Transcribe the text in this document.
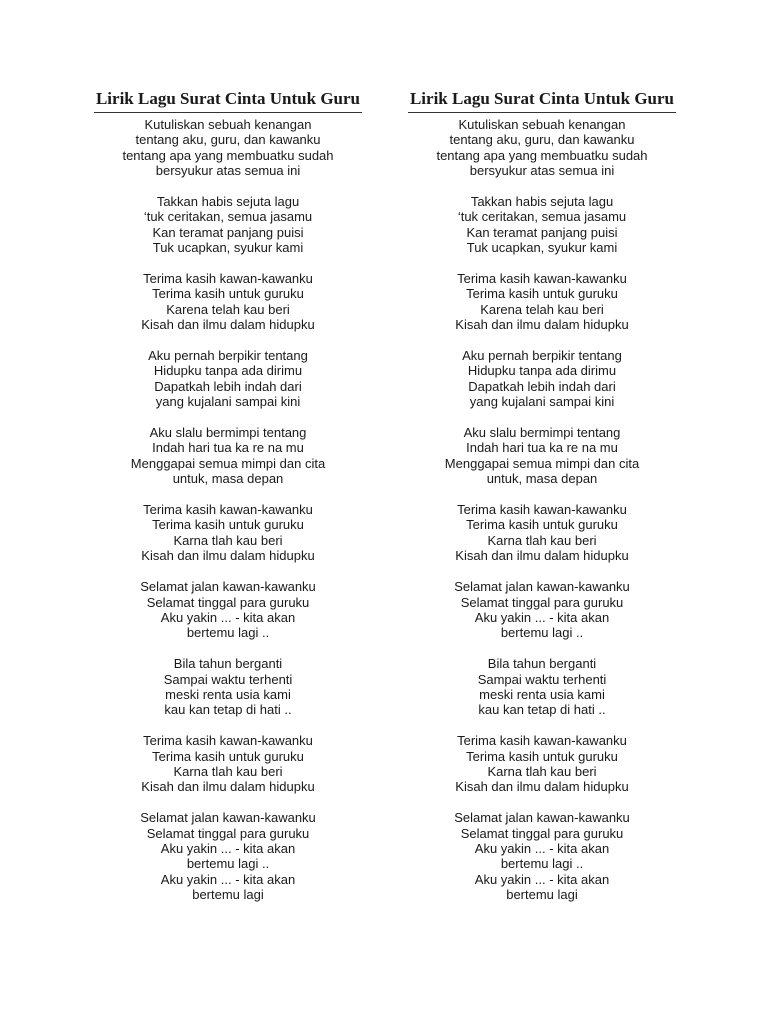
Lirik Lagu Surat Cinta Untuk Guru
Kutuliskan sebuah kenangan
tentang aku, guru, dan kawanku
tentang apa yang membuatku sudah
bersyukur atas semua ini
Takkan habis sejuta lagu
‘tuk ceritakan, semua jasamu
Kan teramat panjang puisi
Tuk ucapkan, syukur kami
Terima kasih kawan-kawanku
Terima kasih untuk guruku
Karena telah kau beri
Kisah dan ilmu dalam hidupku
Aku pernah berpikir tentang
Hidupku tanpa ada dirimu
Dapatkah lebih indah dari
yang kujalani sampai kini
Aku slalu bermimpi tentang
Indah hari tua ka re na mu
Menggapai semua mimpi dan cita
untuk, masa depan
Terima kasih kawan-kawanku
Terima kasih untuk guruku
Karna tlah kau beri
Kisah dan ilmu dalam hidupku
Selamat jalan kawan-kawanku
Selamat tinggal para guruku
Aku yakin ... - kita akan
bertemu lagi ..
Bila tahun berganti
Sampai waktu terhenti
meski renta usia kami
kau kan tetap di hati ..
Terima kasih kawan-kawanku
Terima kasih untuk guruku
Karna tlah kau beri
Kisah dan ilmu dalam hidupku
Selamat jalan kawan-kawanku
Selamat tinggal para guruku
Aku yakin ... - kita akan
bertemu lagi ..
Aku yakin ... - kita akan
bertemu lagi
Lirik Lagu Surat Cinta Untuk Guru
Kutuliskan sebuah kenangan
tentang aku, guru, dan kawanku
tentang apa yang membuatku sudah
bersyukur atas semua ini
Takkan habis sejuta lagu
‘tuk ceritakan, semua jasamu
Kan teramat panjang puisi
Tuk ucapkan, syukur kami
Terima kasih kawan-kawanku
Terima kasih untuk guruku
Karena telah kau beri
Kisah dan ilmu dalam hidupku
Aku pernah berpikir tentang
Hidupku tanpa ada dirimu
Dapatkah lebih indah dari
yang kujalani sampai kini
Aku slalu bermimpi tentang
Indah hari tua ka re na mu
Menggapai semua mimpi dan cita
untuk, masa depan
Terima kasih kawan-kawanku
Terima kasih untuk guruku
Karna tlah kau beri
Kisah dan ilmu dalam hidupku
Selamat jalan kawan-kawanku
Selamat tinggal para guruku
Aku yakin ... - kita akan
bertemu lagi ..
Bila tahun berganti
Sampai waktu terhenti
meski renta usia kami
kau kan tetap di hati ..
Terima kasih kawan-kawanku
Terima kasih untuk guruku
Karna tlah kau beri
Kisah dan ilmu dalam hidupku
Selamat jalan kawan-kawanku
Selamat tinggal para guruku
Aku yakin ... - kita akan
bertemu lagi ..
Aku yakin ... - kita akan
bertemu lagi
